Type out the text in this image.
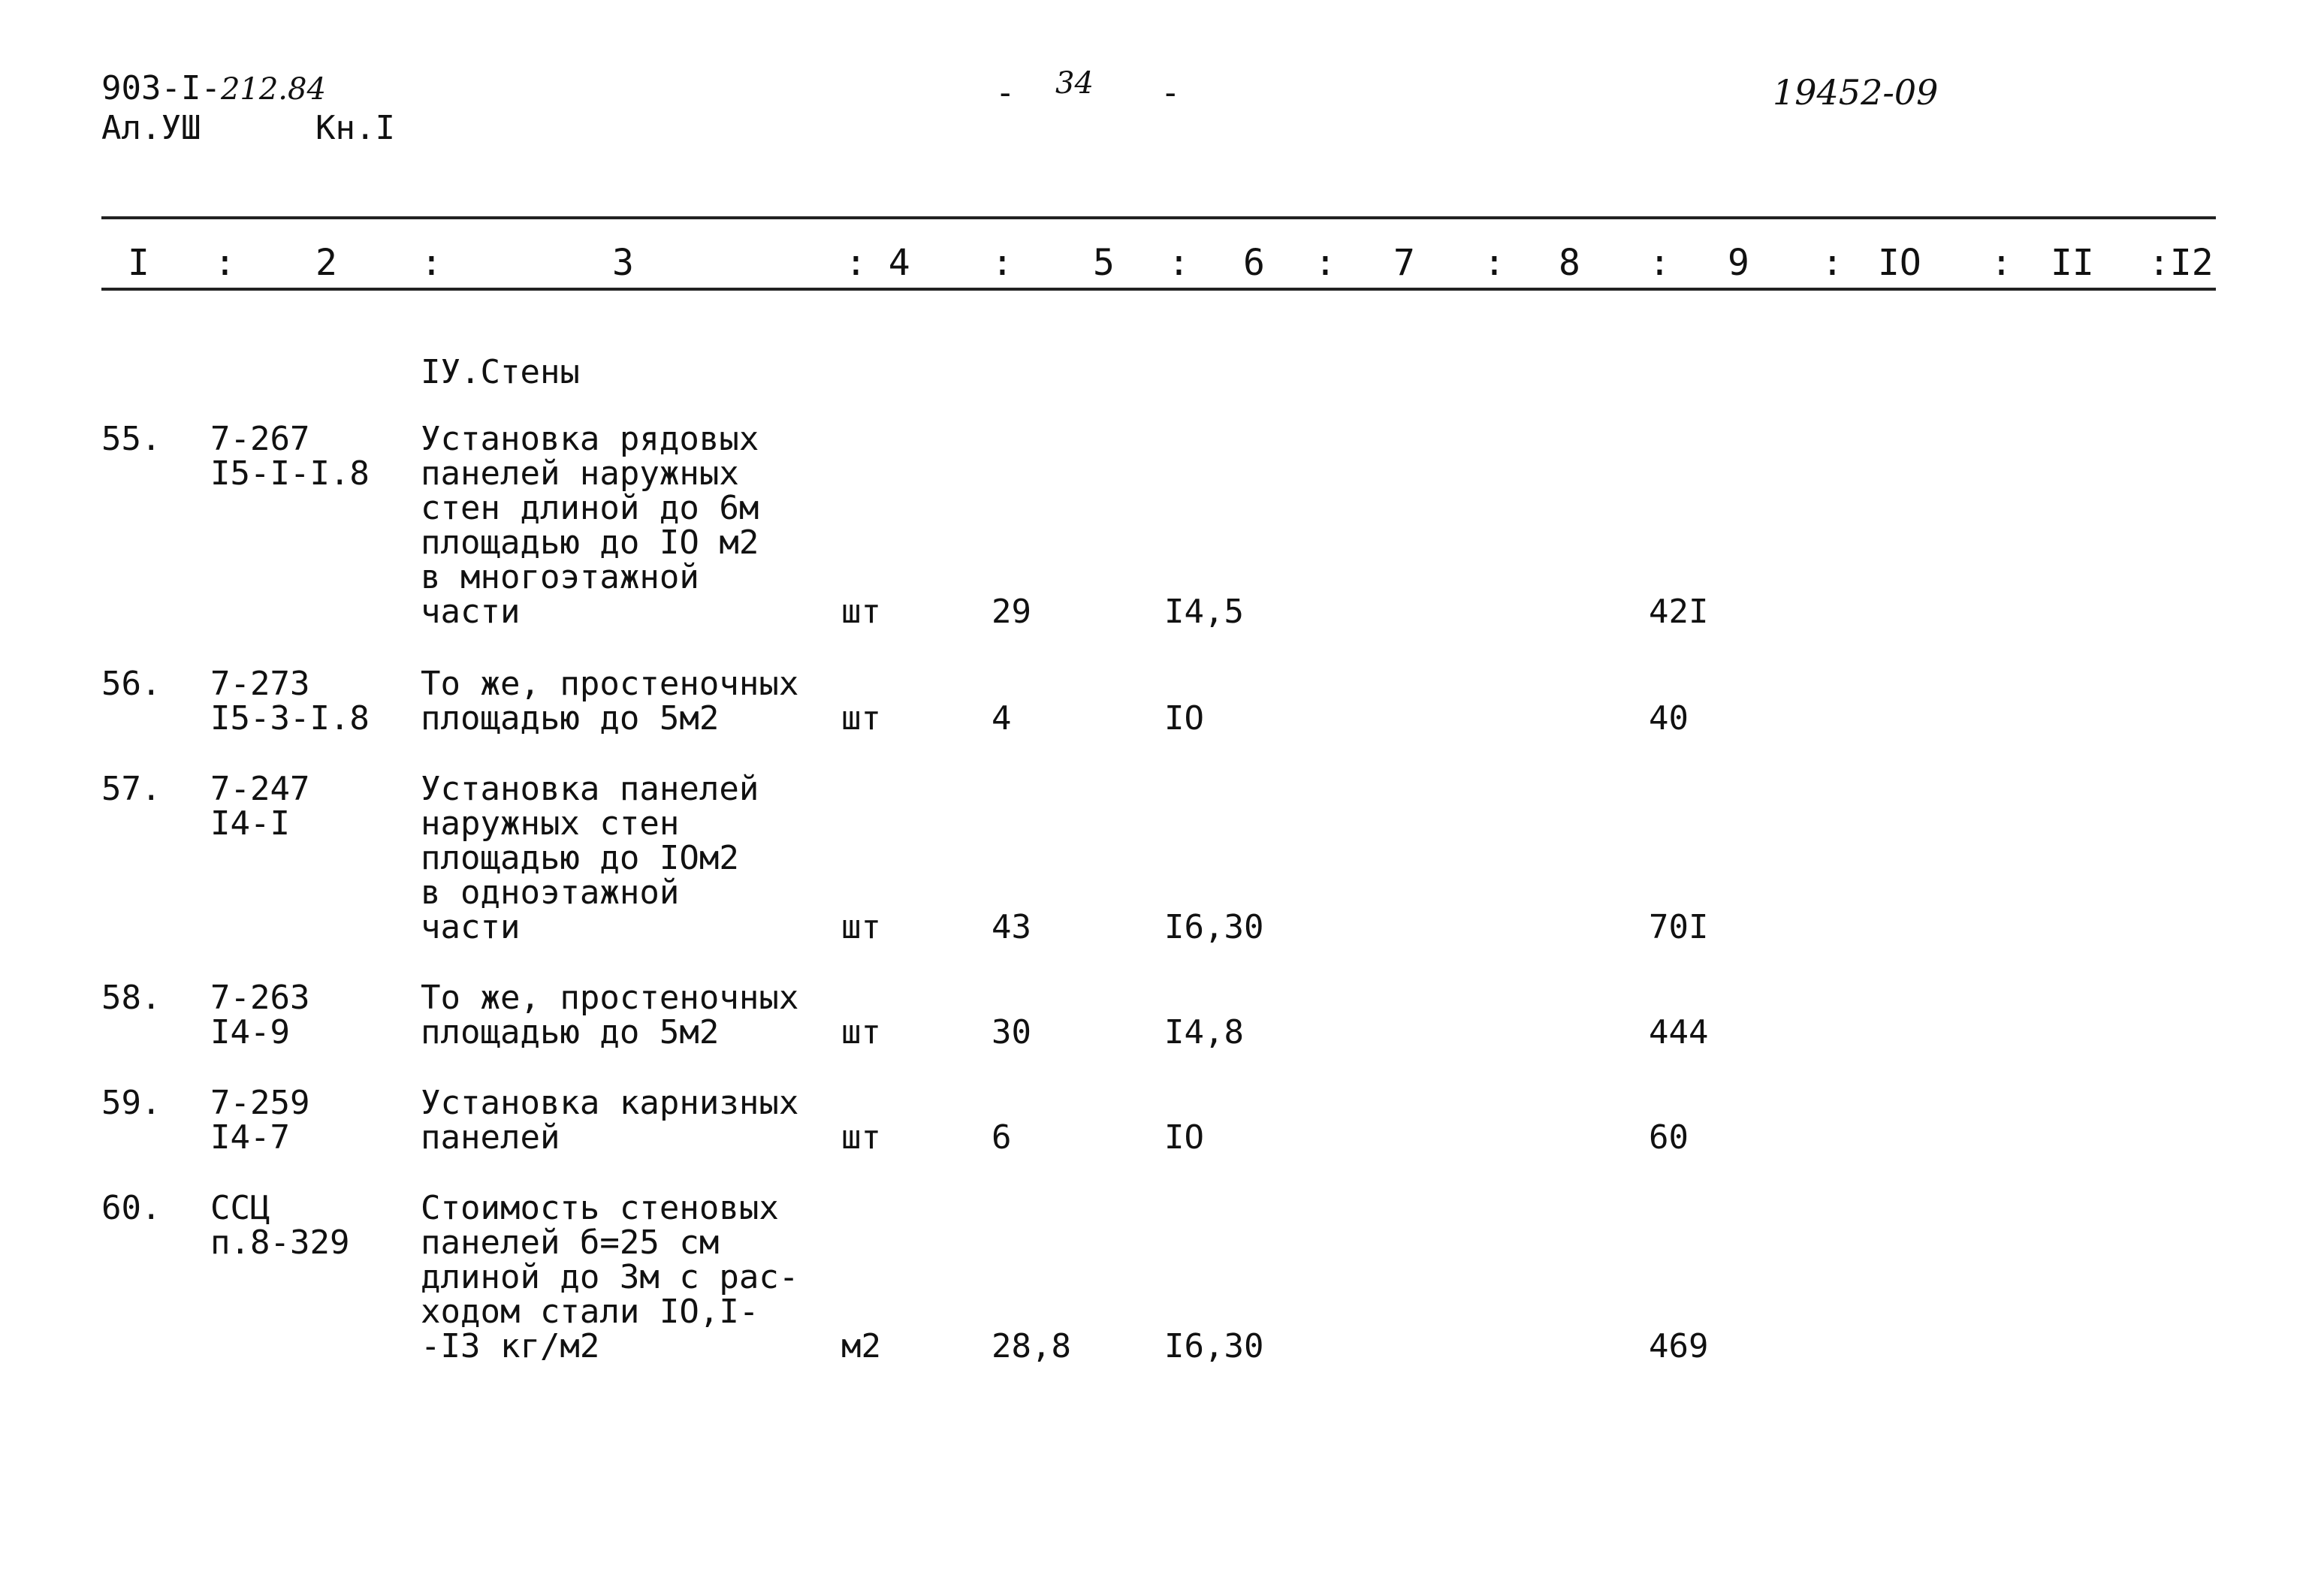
903-I-212.84
Ал.УШ	Кн.I
- 34 -	19452-09
I : 2 :	3	: 4 : 5 : 6 : 7 : 8 : 9 : IO : II :I2
IУ.Стены
55. 7-267
I5-I-I.8
Установка рядовых
панелей наружных
стен длиной до 6м
площадью до IO м2
в многоэтажной
части	шт	29	I4,5	42I
56. 7-273
I5-3-I.8
То же, простеночных
площадью до 5м2	шт	4	IO	40
57. 7-247
I4-I
Установка панелей
наружных стен
площадью до IOм2
в одноэтажной
части	шт	43	I6,30	70I
58. 7-263
I4-9
То же, простеночных
площадью до 5м2	шт	30	I4,8	444
59. 7-259
I4-7
Установка карнизных
панелей	шт	6	IO	60
60. ССЦ
п.8-329
Стоимость стеновых
панелей б=25 см
длиной до 3м с рас-
ходом стали IO,I-
-I3 кг/м2	м2	28,8	I6,30	469
